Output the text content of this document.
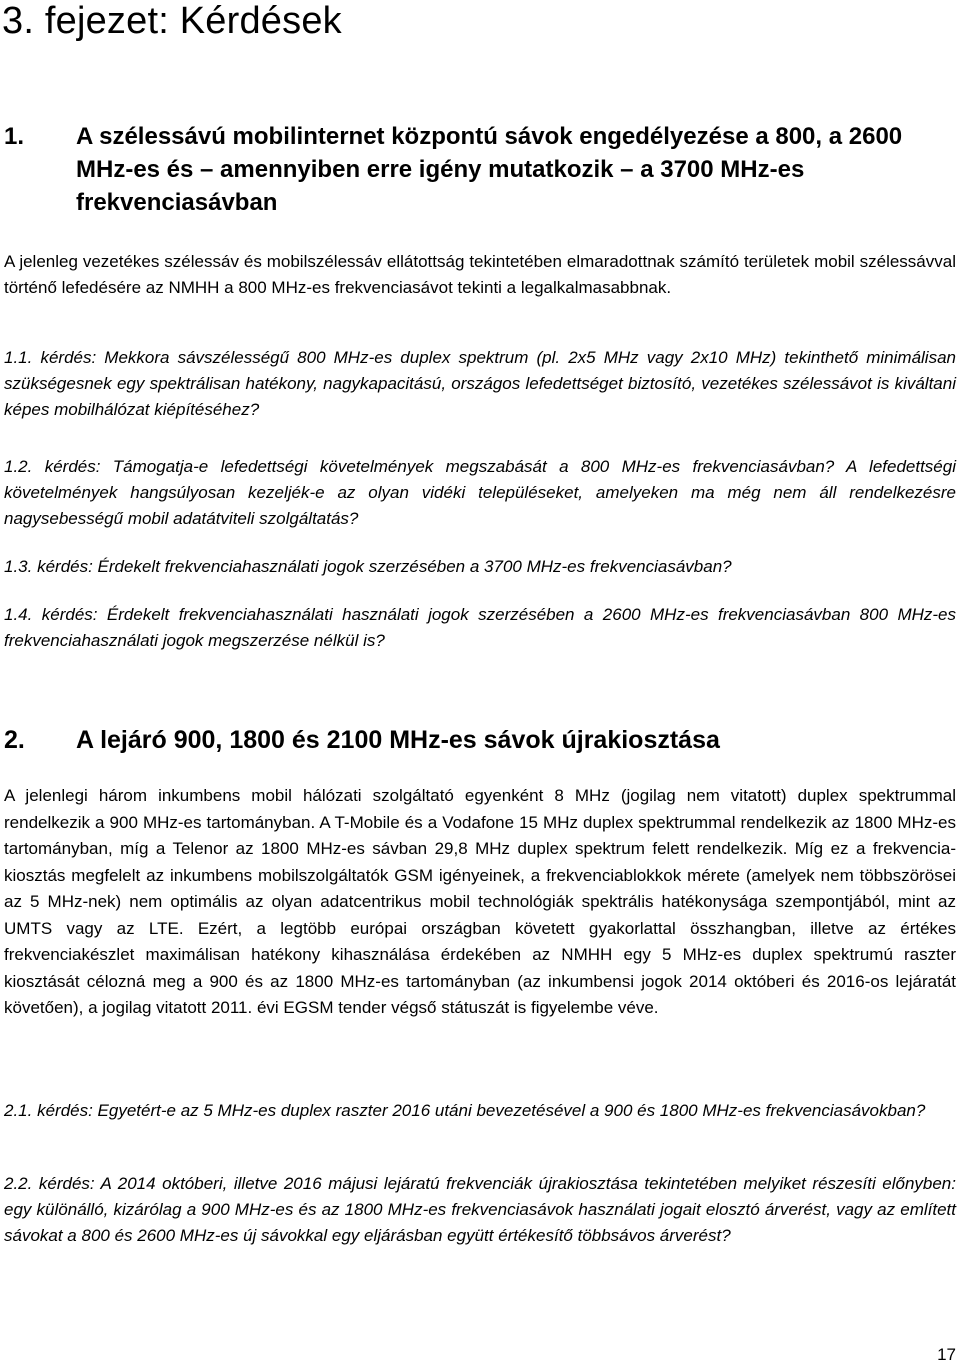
3. fejezet: Kérdések
1. A szélessávú mobilinternet központú sávok engedélyezése a 800, a 2600 MHz-es és – amennyiben erre igény mutatkozik – a 3700 MHz-es frekvenciasávban

A jelenleg vezetékes szélessáv és mobilszélessáv ellátottság tekintetében elmaradottnak számító területek mobil szélessávval történő lefedésére az NMHH a 800 MHz-es frekvenciasávot tekinti a legalkalmasabbnak.

1.1. kérdés: Mekkora sávszélességű 800 MHz-es duplex spektrum (pl. 2x5 MHz vagy 2x10 MHz) tekinthető minimálisan szükségesnek egy spektrálisan hatékony, nagykapacitású, országos lefedettséget biztosító, vezetékes szélessávot is kiváltani képes mobilhálózat kiépítéséhez?

1.2. kérdés: Támogatja-e lefedettségi követelmények megszabását a 800 MHz-es frekvenciasávban? A lefedettségi követelmények hangsúlyosan kezeljék-e az olyan vidéki településeket, amelyeken ma még nem áll rendelkezésre nagysebességű mobil adatátviteli szolgáltatás?

1.3. kérdés: Érdekelt frekvenciahasználati jogok szerzésében a 3700 MHz-es frekvenciasávban?

1.4. kérdés: Érdekelt frekvenciahasználati használati jogok szerzésében a 2600 MHz-es frekvenciasávban 800 MHz-es frekvenciahasználati jogok megszerzése nélkül is?

2. A lejáró 900, 1800 és 2100 MHz-es sávok újrakiosztása

A jelenlegi három inkumbens mobil hálózati szolgáltató egyenként 8 MHz (jogilag nem vitatott) duplex spektrummal rendelkezik a 900 MHz-es tartományban. A T-Mobile és a Vodafone 15 MHz duplex spektrummal rendelkezik az 1800 MHz-es tartományban, míg a Telenor az 1800 MHz-es sávban 29,8 MHz duplex spektrum felett rendelkezik. Míg ez a frekvencia-kiosztás megfelelt az inkumbens mobilszolgáltatók GSM igényeinek, a frekvenciablokkok mérete (amelyek nem többszörösei az 5 MHz-nek) nem optimális az olyan adatcentrikus mobil technológiák spektrális hatékonysága szempontjából, mint az UMTS vagy az LTE. Ezért, a legtöbb európai országban követett gyakorlattal összhangban, illetve az értékes frekvenciakészlet maximálisan hatékony kihasználása érdekében az NMHH egy 5 MHz-es duplex spektrumú raszter kiosztását célozná meg a 900 és az 1800 MHz-es tartományban (az inkumbensi jogok 2014 októberi és 2016-os lejáratát követően), a jogilag vitatott 2011. évi EGSM tender végső státuszát is figyelembe véve.

2.1. kérdés: Egyetért-e az 5 MHz-es duplex raszter 2016 utáni bevezetésével a 900 és 1800 MHz-es frekvenciasávokban?

2.2. kérdés: A 2014 októberi, illetve 2016 májusi lejáratú frekvenciák újrakiosztása tekintetében melyiket részesíti előnyben: egy különálló, kizárólag a 900 MHz-es és az 1800 MHz-es frekvenciasávok használati jogait elosztó árverést, vagy az említett sávokat a 800 és 2600 MHz-es új sávokkal egy eljárásban együtt értékesítő többsávos árverést?

17
